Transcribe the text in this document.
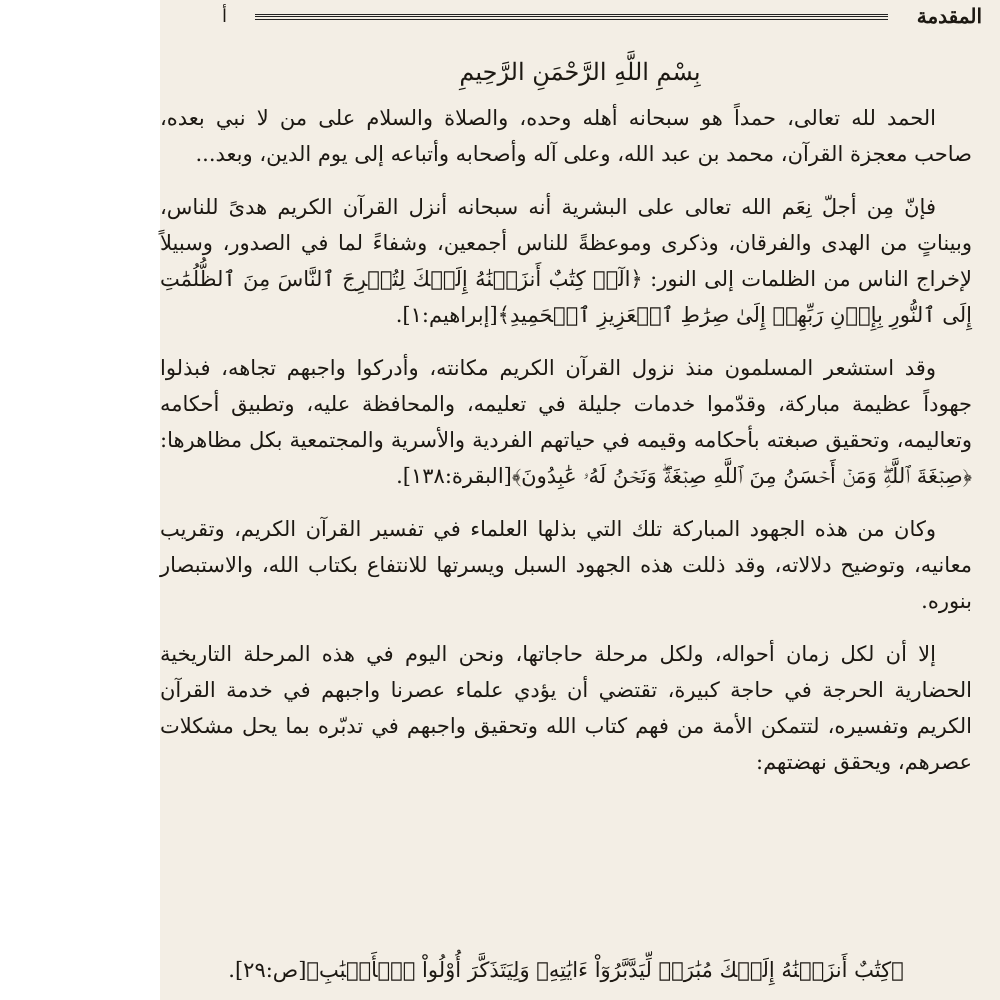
المقدمة
أ
بِسْمِ اللَّهِ الرَّحْمَنِ الرَّحِيمِ

الحمد لله تعالى، حمداً هو سبحانه أهله وحده، والصلاة والسلام على من لا نبي بعده، صاحب معجزة القرآن، محمد بن عبد الله، وعلى آله وأصحابه وأتباعه إلى يوم الدين، وبعد...

فإنّ مِن أجلّ نِعَم الله تعالى على البشرية أنه سبحانه أنزل القرآن الكريم هدىً للناس، وبيناتٍ من الهدى والفرقان، وذكرى وموعظةً للناس أجمعين، وشفاءً لما في الصدور، وسبيلاً لإخراج الناس من الظلمات إلى النور: ﴿الٓرۚ كِتَٰبٌ أَنزَلۡنَٰهُ إِلَيۡكَ لِتُخۡرِجَ ٱلنَّاسَ مِنَ ٱلظُّلُمَٰتِ إِلَى ٱلنُّورِ بِإِذۡنِ رَبِّهِمۡ إِلَىٰ صِرَٰطِ ٱلۡعَزِيزِ ٱلۡحَمِيدِ﴾[إبراهيم:١].

وقد استشعر المسلمون منذ نزول القرآن الكريم مكانته، وأدركوا واجبهم تجاهه، فبذلوا جهوداً عظيمة مباركة، وقدّموا خدمات جليلة في تعليمه، والمحافظة عليه، وتطبيق أحكامه وتعاليمه، وتحقيق صبغته بأحكامه وقيمه في حياتهم الفردية والأسرية والمجتمعية بكل مظاهرها: ﴿صِبۡغَةَ ٱللَّهِۖ وَمَنۡ أَحۡسَنُ مِنَ ٱللَّهِ صِبۡغَةٗۖ وَنَحۡنُ لَهُۥ عَٰبِدُونَ﴾[البقرة:١٣٨].

وكان من هذه الجهود المباركة تلك التي بذلها العلماء في تفسير القرآن الكريم، وتقريب معانيه، وتوضيح دلالاته، وقد ذللت هذه الجهود السبل ويسرتها للانتفاع بكتاب الله، والاستبصار بنوره.

إلا أن لكل زمان أحواله، ولكل مرحلة حاجاتها، ونحن اليوم في هذه المرحلة التاريخية الحضارية الحرجة في حاجة كبيرة، تقتضي أن يؤدي علماء عصرنا واجبهم في خدمة القرآن الكريم وتفسيره، لتتمكن الأمة من فهم كتاب الله وتحقيق واجبهم في تدبّره بما يحل مشكلات عصرهم، ويحقق نهضتهم:

﴿كِتَٰبٌ أَنزَلۡنَٰهُ إِلَيۡكَ مُبَٰرَكٞ لِّيَدَّبَّرُوٓاْ ءَايَٰتِهِۦ وَلِيَتَذَكَّرَ أُوْلُواْ ٱلۡأَلۡبَٰبِ﴾[ص:٢٩].
